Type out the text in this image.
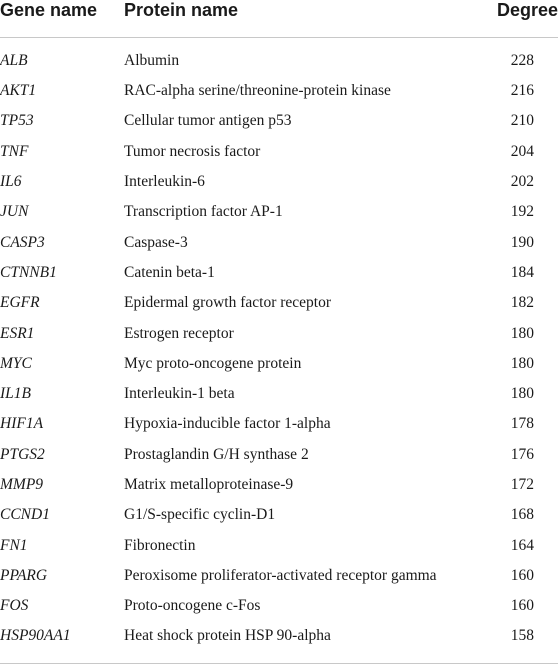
Gene name	Protein name	Degree
ALB	Albumin	228
AKT1	RAC-alpha serine/threonine-protein kinase	216
TP53	Cellular tumor antigen p53	210
TNF	Tumor necrosis factor	204
IL6	Interleukin-6	202
JUN	Transcription factor AP-1	192
CASP3	Caspase-3	190
CTNNB1	Catenin beta-1	184
EGFR	Epidermal growth factor receptor	182
ESR1	Estrogen receptor	180
MYC	Myc proto-oncogene protein	180
IL1B	Interleukin-1 beta	180
HIF1A	Hypoxia-inducible factor 1-alpha	178
PTGS2	Prostaglandin G/H synthase 2	176
MMP9	Matrix metalloproteinase-9	172
CCND1	G1/S-specific cyclin-D1	168
FN1	Fibronectin	164
PPARG	Peroxisome proliferator-activated receptor gamma	160
FOS	Proto-oncogene c-Fos	160
HSP90AA1	Heat shock protein HSP 90-alpha	158
